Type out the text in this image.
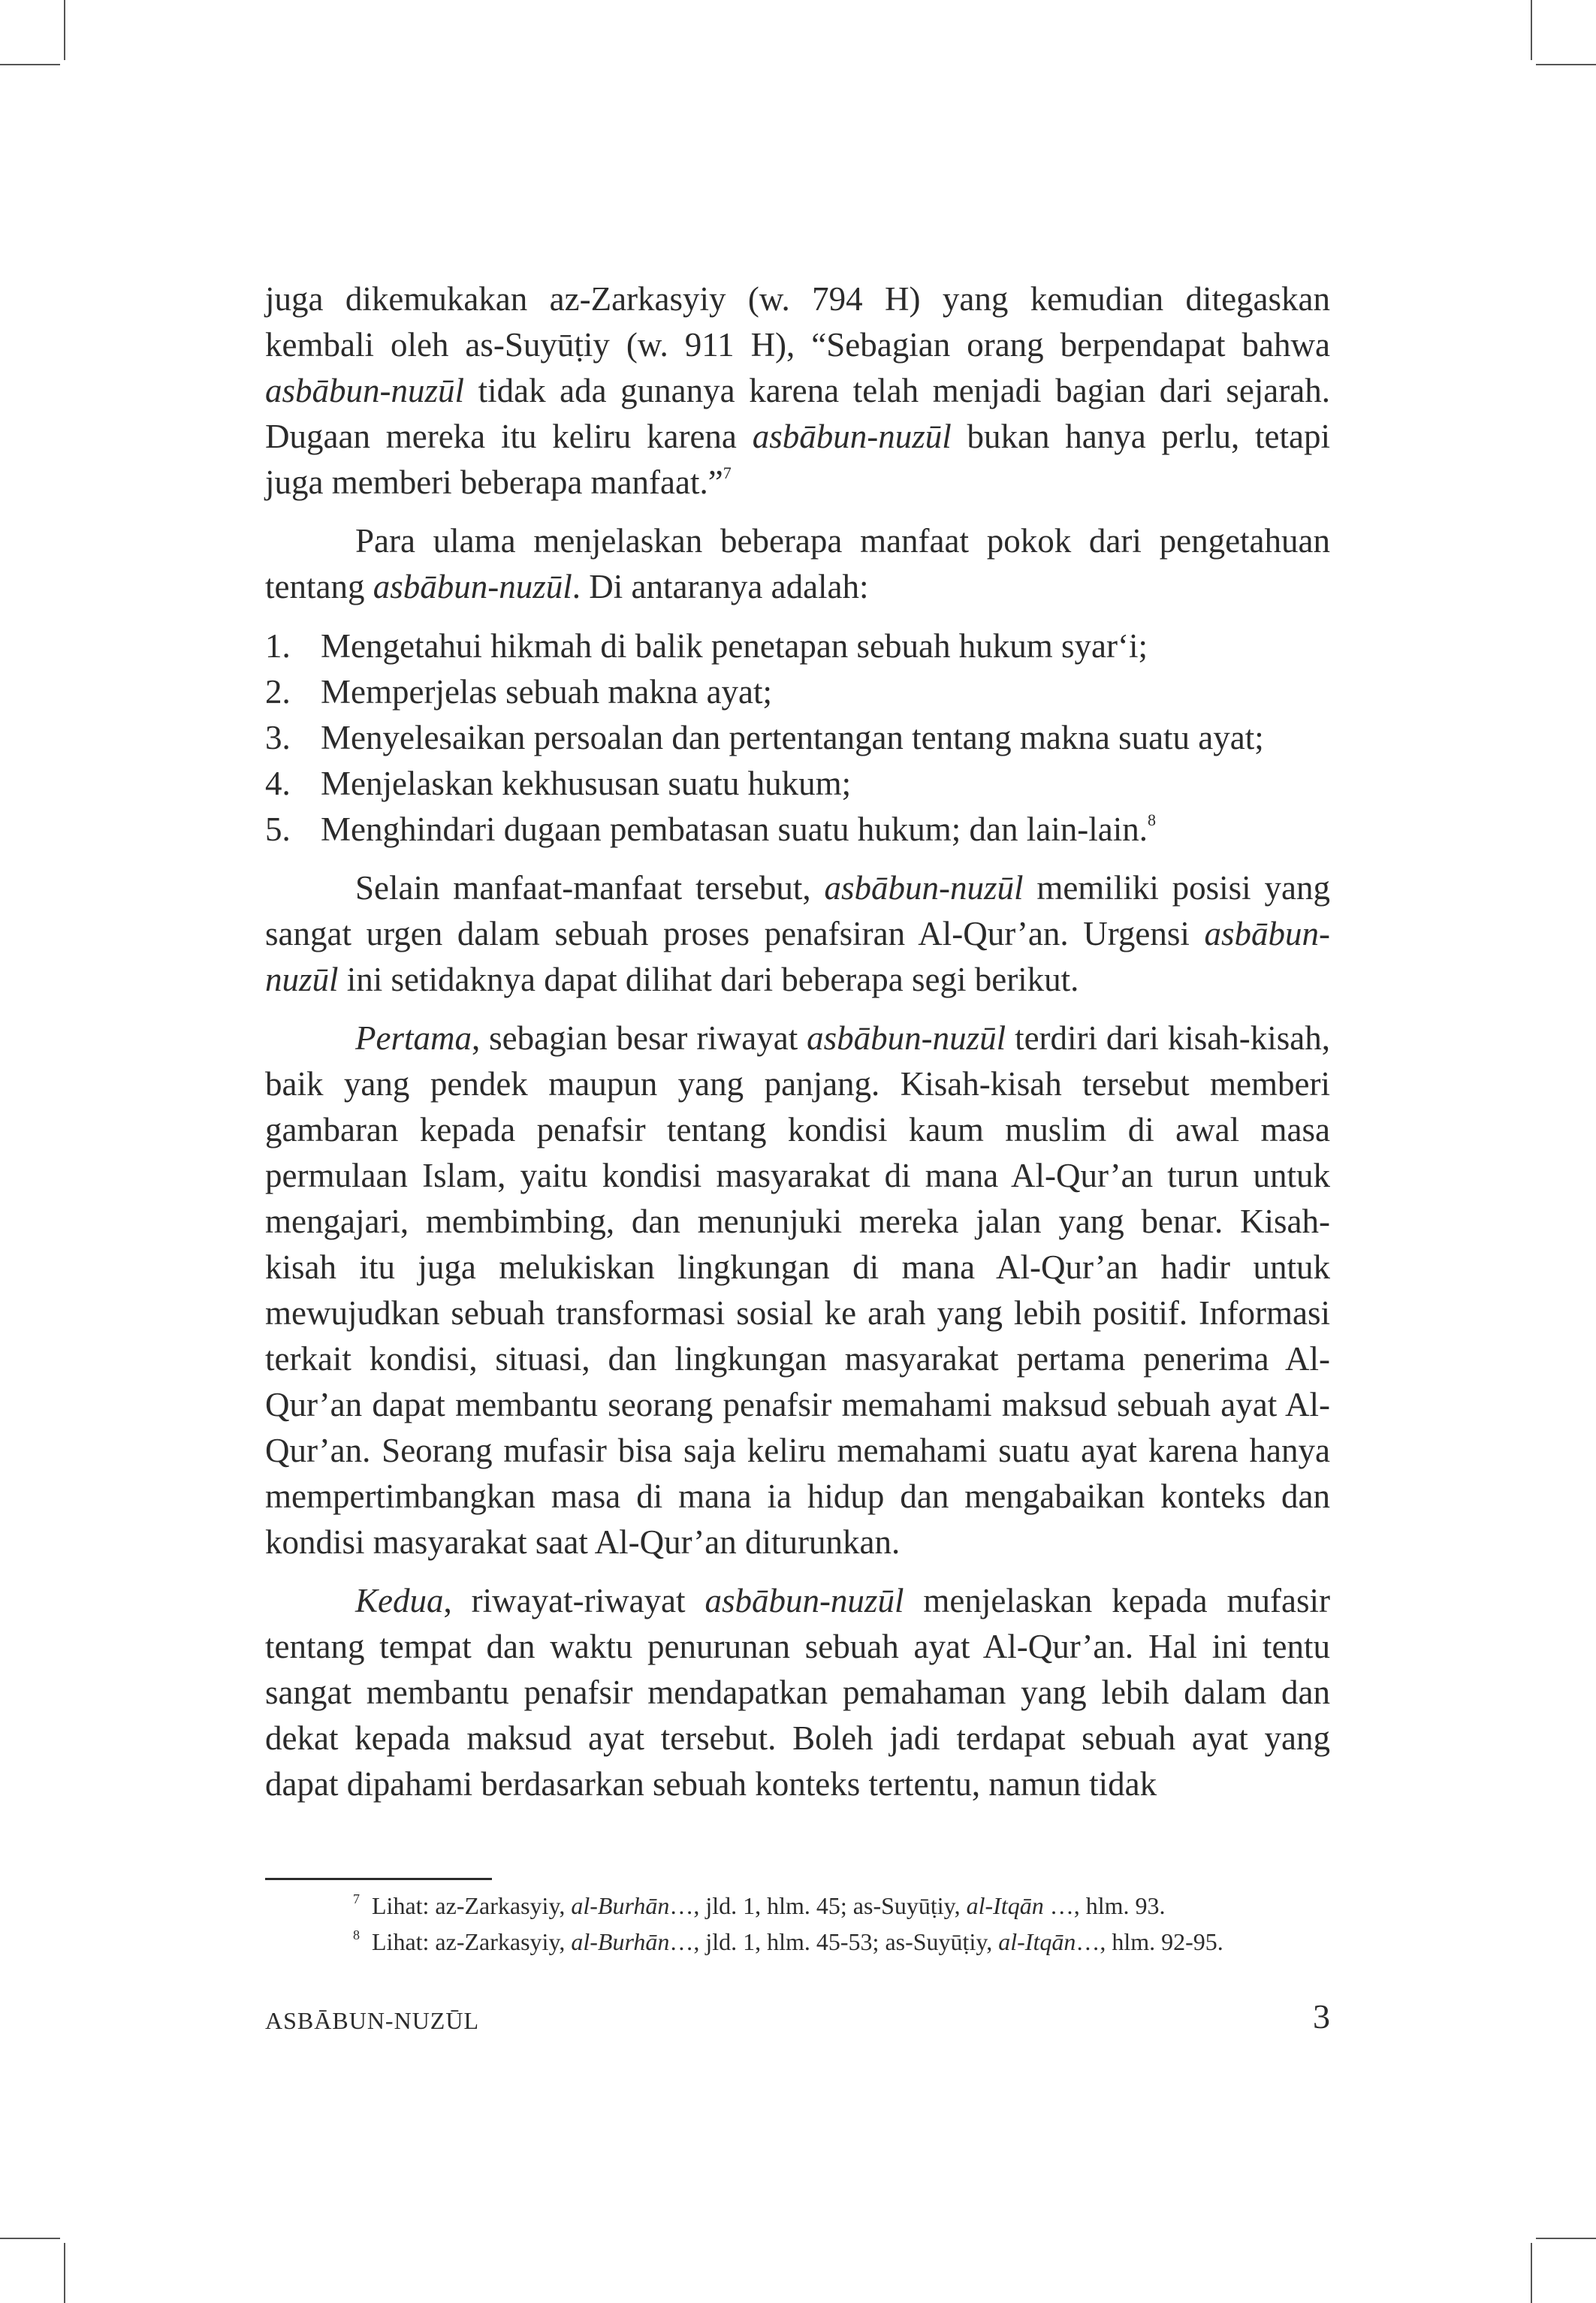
juga dikemukakan az-Zarkasyiy (w. 794 H) yang kemudian ditegaskan kembali oleh as-Suyūṭiy (w. 911 H), “Sebagian orang berpendapat bahwa asbābun-nuzūl tidak ada gunanya karena telah menjadi bagian dari sejarah. Dugaan mereka itu keliru karena asbābun-nuzūl bukan hanya perlu, tetapi juga memberi beberapa manfaat.”$^7$

Para ulama menjelaskan beberapa manfaat pokok dari pengetahuan tentang asbābun-nuzūl. Di antaranya adalah:

1. Mengetahui hikmah di balik penetapan sebuah hukum syar‘i;
2. Memperjelas sebuah makna ayat;
3. Menyelesaikan persoalan dan pertentangan tentang makna suatu ayat;
4. Menjelaskan kekhususan suatu hukum;
5. Menghindari dugaan pembatasan suatu hukum; dan lain-lain.$^8$

Selain manfaat-manfaat tersebut, asbābun-nuzūl memiliki posisi yang sangat urgen dalam sebuah proses penafsiran Al-Qur’an. Urgensi asbābun-nuzūl ini setidaknya dapat dilihat dari beberapa segi berikut.

Pertama, sebagian besar riwayat asbābun-nuzūl terdiri dari kisah-kisah, baik yang pendek maupun yang panjang. Kisah-kisah tersebut memberi gambaran kepada penafsir tentang kondisi kaum muslim di awal masa permulaan Islam, yaitu kondisi masyarakat di mana Al-Qur’an turun untuk mengajari, membimbing, dan menunjuki mereka jalan yang benar. Kisah-kisah itu juga melukiskan lingkungan di mana Al-Qur’an hadir untuk mewujudkan sebuah transformasi sosial ke arah yang lebih positif. Informasi terkait kondisi, situasi, dan lingkungan masyarakat pertama penerima Al-Qur’an dapat membantu seorang penafsir memahami maksud sebuah ayat Al-Qur’an. Seorang mufasir bisa saja keliru memahami suatu ayat karena hanya mempertimbangkan masa di mana ia hidup dan mengabaikan konteks dan kondisi masyarakat saat Al-Qur’an diturunkan.

Kedua, riwayat-riwayat asbābun-nuzūl menjelaskan kepada mufasir tentang tempat dan waktu penurunan sebuah ayat Al-Qur’an. Hal ini tentu sangat membantu penafsir mendapatkan pemahaman yang lebih dalam dan dekat kepada maksud ayat tersebut. Boleh jadi terdapat sebuah ayat yang dapat dipahami berdasarkan sebuah konteks tertentu, namun tidak

$^7$ Lihat: az-Zarkasyiy, al-Burhān…, jld. 1, hlm. 45; as-Suyūṭiy, al-Itqān …, hlm. 93.

$^8$ Lihat: az-Zarkasyiy, al-Burhān…, jld. 1, hlm. 45-53; as-Suyūṭiy, al-Itqān…, hlm. 92-95.

ASBĀBUN-NUZŪL	3
